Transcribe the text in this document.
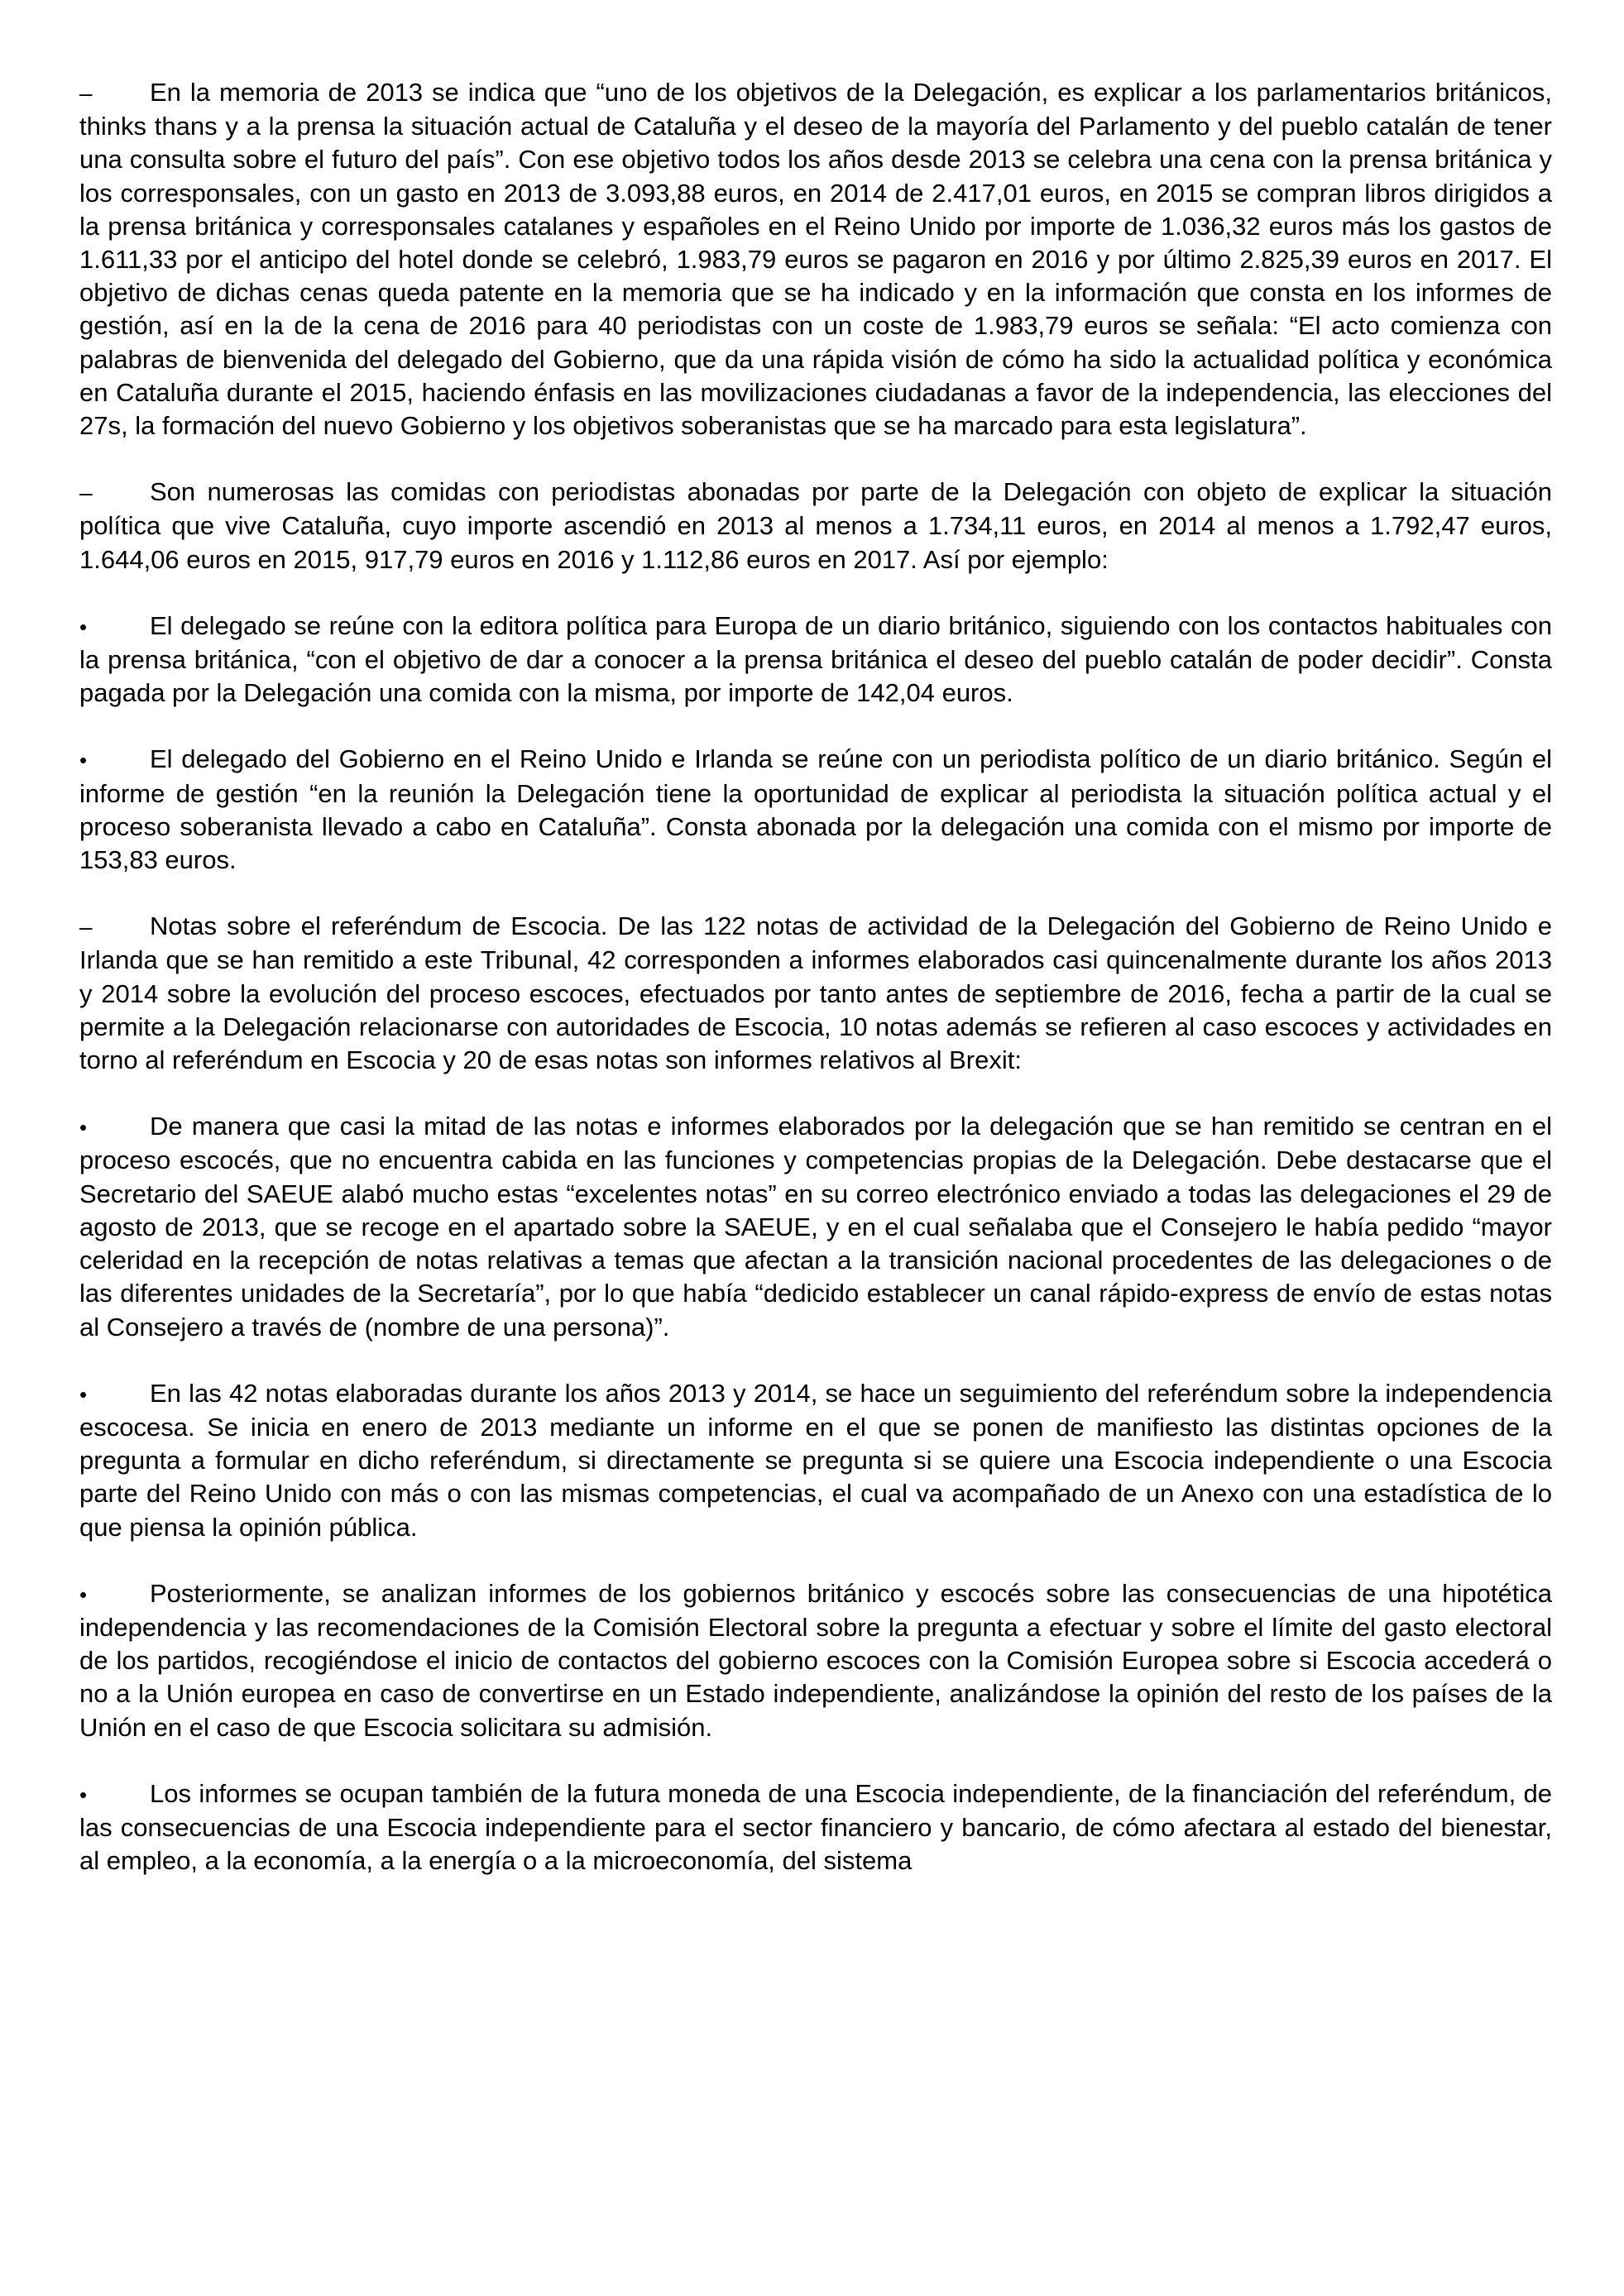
– En la memoria de 2013 se indica que “uno de los objetivos de la Delegación, es explicar a los parlamentarios británicos, thinks thans y a la prensa la situación actual de Cataluña y el deseo de la mayoría del Parlamento y del pueblo catalán de tener una consulta sobre el futuro del país”. Con ese objetivo todos los años desde 2013 se celebra una cena con la prensa británica y los corresponsales, con un gasto en 2013 de 3.093,88 euros, en 2014 de 2.417,01 euros, en 2015 se compran libros dirigidos a la prensa británica y corresponsales catalanes y españoles en el Reino Unido por importe de 1.036,32 euros más los gastos de 1.611,33 por el anticipo del hotel donde se celebró, 1.983,79 euros se pagaron en 2016 y por último 2.825,39 euros en 2017. El objetivo de dichas cenas queda patente en la memoria que se ha indicado y en la información que consta en los informes de gestión, así en la de la cena de 2016 para 40 periodistas con un coste de 1.983,79 euros se señala: “El acto comienza con palabras de bienvenida del delegado del Gobierno, que da una rápida visión de cómo ha sido la actualidad política y económica en Cataluña durante el 2015, haciendo énfasis en las movilizaciones ciudadanas a favor de la independencia, las elecciones del 27s, la formación del nuevo Gobierno y los objetivos soberanistas que se ha marcado para esta legislatura”.

– Son numerosas las comidas con periodistas abonadas por parte de la Delegación con objeto de explicar la situación política que vive Cataluña, cuyo importe ascendió en 2013 al menos a 1.734,11 euros, en 2014 al menos a 1.792,47 euros, 1.644,06 euros en 2015, 917,79 euros en 2016 y 1.112,86 euros en 2017. Así por ejemplo:

• El delegado se reúne con la editora política para Europa de un diario británico, siguiendo con los contactos habituales con la prensa británica, “con el objetivo de dar a conocer a la prensa británica el deseo del pueblo catalán de poder decidir”. Consta pagada por la Delegación una comida con la misma, por importe de 142,04 euros.

• El delegado del Gobierno en el Reino Unido e Irlanda se reúne con un periodista político de un diario británico. Según el informe de gestión “en la reunión la Delegación tiene la oportunidad de explicar al periodista la situación política actual y el proceso soberanista llevado a cabo en Cataluña”. Consta abonada por la delegación una comida con el mismo por importe de 153,83 euros.

– Notas sobre el referéndum de Escocia. De las 122 notas de actividad de la Delegación del Gobierno de Reino Unido e Irlanda que se han remitido a este Tribunal, 42 corresponden a informes elaborados casi quincenalmente durante los años 2013 y 2014 sobre la evolución del proceso escoces, efectuados por tanto antes de septiembre de 2016, fecha a partir de la cual se permite a la Delegación relacionarse con autoridades de Escocia, 10 notas además se refieren al caso escoces y actividades en torno al referéndum en Escocia y 20 de esas notas son informes relativos al Brexit:

• De manera que casi la mitad de las notas e informes elaborados por la delegación que se han remitido se centran en el proceso escocés, que no encuentra cabida en las funciones y competencias propias de la Delegación. Debe destacarse que el Secretario del SAEUE alabó mucho estas “excelentes notas” en su correo electrónico enviado a todas las delegaciones el 29 de agosto de 2013, que se recoge en el apartado sobre la SAEUE, y en el cual señalaba que el Consejero le había pedido “mayor celeridad en la recepción de notas relativas a temas que afectan a la transición nacional procedentes de las delegaciones o de las diferentes unidades de la Secretaría”, por lo que había “dedicido establecer un canal rápido-express de envío de estas notas al Consejero a través de (nombre de una persona)”.

• En las 42 notas elaboradas durante los años 2013 y 2014, se hace un seguimiento del referéndum sobre la independencia escocesa. Se inicia en enero de 2013 mediante un informe en el que se ponen de manifiesto las distintas opciones de la pregunta a formular en dicho referéndum, si directamente se pregunta si se quiere una Escocia independiente o una Escocia parte del Reino Unido con más o con las mismas competencias, el cual va acompañado de un Anexo con una estadística de lo que piensa la opinión pública.

• Posteriormente, se analizan informes de los gobiernos británico y escocés sobre las consecuencias de una hipotética independencia y las recomendaciones de la Comisión Electoral sobre la pregunta a efectuar y sobre el límite del gasto electoral de los partidos, recogiéndose el inicio de contactos del gobierno escoces con la Comisión Europea sobre si Escocia accederá o no a la Unión europea en caso de convertirse en un Estado independiente, analizándose la opinión del resto de los países de la Unión en el caso de que Escocia solicitara su admisión.

• Los informes se ocupan también de la futura moneda de una Escocia independiente, de la financiación del referéndum, de las consecuencias de una Escocia independiente para el sector financiero y bancario, de cómo afectara al estado del bienestar, al empleo, a la economía, a la energía o a la microeconomía, del sistema
